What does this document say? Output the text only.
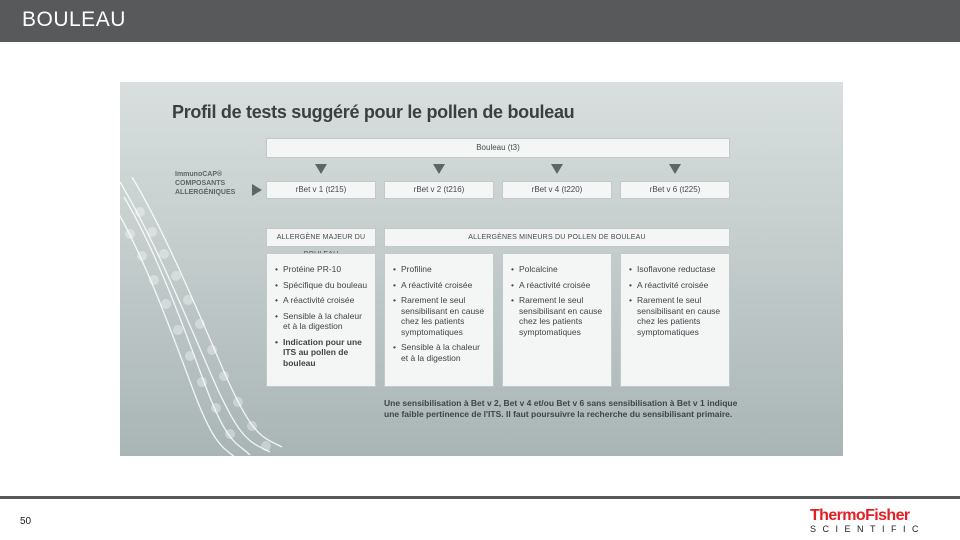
BOULEAU
Profil de tests suggéré pour le pollen de bouleau
Bouleau (t3)
ImmunoCAP®
COMPOSANTS
ALLERGÉNIQUES	rBet v 1 (t215)	rBet v 2 (t216)	rBet v 4 (t220)	rBet v 6 (t225)
ALLERGÈNE MAJEUR DU	ALLERGÈNES MINEURS DU POLLEN DE BOULEAU
• Protéine PR-10
• Spécifique du bouleau
• A réactivité croisée
• Sensible à la chaleur et à la digestion
• Indication pour une ITS au pollen de bouleau
• Profiline
• A réactivité croisée
• Rarement le seul sensibilisant en cause chez les patients symptomatiques
• Sensible à la chaleur et à la digestion
• Polcalcine
• A réactivité croisée
• Rarement le seul sensibilisant en cause chez les patients symptomatiques
• Isoflavone reductase
• A réactivité croisée
• Rarement le seul sensibilisant en cause chez les patients symptomatiques
Une sensibilisation à Bet v 2, Bet v 4 et/ou Bet v 6 sans sensibilisation à Bet v 1 indique une faible pertinence de l'ITS. Il faut poursuivre la recherche du sensibilisant primaire.
50	ThermoFisher
SCIENTIFIC
